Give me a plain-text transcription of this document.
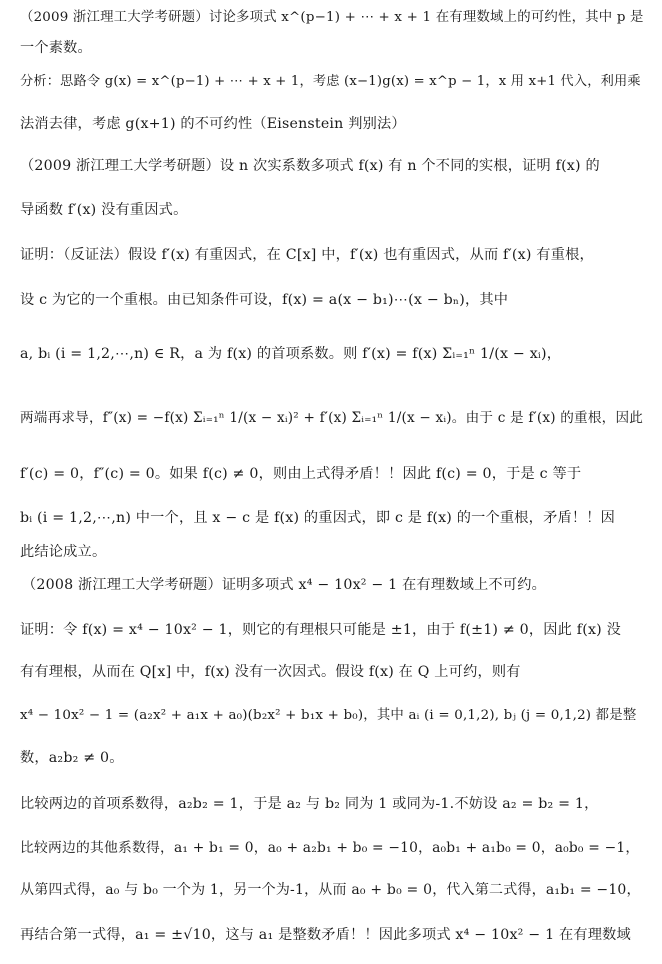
（2009 浙江理工大学考研题）讨论多项式 x^(p−1) + ⋯ + x + 1 在有理数域上的可约性，其中 p 是
一个素数。
分析：思路令 g(x) = x^(p−1) + ⋯ + x + 1，考虑 (x−1)g(x) = x^p − 1，x 用 x+1 代入，利用乘
法消去律，考虑 g(x+1) 的不可约性（Eisenstein 判别法）
（2009 浙江理工大学考研题）设 n 次实系数多项式 f(x) 有 n 个不同的实根，证明 f(x) 的
导函数 f′(x) 没有重因式。
证明：（反证法）假设 f′(x) 有重因式，在 C[x] 中，f′(x) 也有重因式，从而 f′(x) 有重根，
设 c 为它的一个重根。由已知条件可设，f(x) = a(x − b₁)⋯(x − bₙ)，其中
a, bᵢ (i = 1,2,⋯,n) ∈ R，a 为 f(x) 的首项系数。则 f′(x) = f(x) Σᵢ₌₁ⁿ 1/(x − xᵢ)，
两端再求导，f″(x) = −f(x) Σᵢ₌₁ⁿ 1/(x − xᵢ)² + f′(x) Σᵢ₌₁ⁿ 1/(x − xᵢ)。由于 c 是 f′(x) 的重根，因此
f′(c) = 0，f″(c) = 0。如果 f(c) ≠ 0，则由上式得矛盾！！因此 f(c) = 0，于是 c 等于
bᵢ (i = 1,2,⋯,n) 中一个，且 x − c 是 f(x) 的重因式，即 c 是 f(x) 的一个重根，矛盾！！因
此结论成立。
（2008 浙江理工大学考研题）证明多项式 x⁴ − 10x² − 1 在有理数域上不可约。
证明：令 f(x) = x⁴ − 10x² − 1，则它的有理根只可能是 ±1，由于 f(±1) ≠ 0，因此 f(x) 没
有有理根，从而在 Q[x] 中，f(x) 没有一次因式。假设 f(x) 在 Q 上可约，则有
x⁴ − 10x² − 1 = (a₂x² + a₁x + a₀)(b₂x² + b₁x + b₀)，其中 aᵢ (i = 0,1,2), bⱼ (j = 0,1,2) 都是整
数，a₂b₂ ≠ 0。
比较两边的首项系数得，a₂b₂ = 1，于是 a₂ 与 b₂ 同为 1 或同为-1.不妨设 a₂ = b₂ = 1，
比较两边的其他系数得，a₁ + b₁ = 0，a₀ + a₂b₁ + b₀ = −10，a₀b₁ + a₁b₀ = 0，a₀b₀ = −1，
从第四式得，a₀ 与 b₀ 一个为 1，另一个为-1，从而 a₀ + b₀ = 0，代入第二式得，a₁b₁ = −10，
再结合第一式得，a₁ = ±√10，这与 a₁ 是整数矛盾！！因此多项式 x⁴ − 10x² − 1 在有理数域
